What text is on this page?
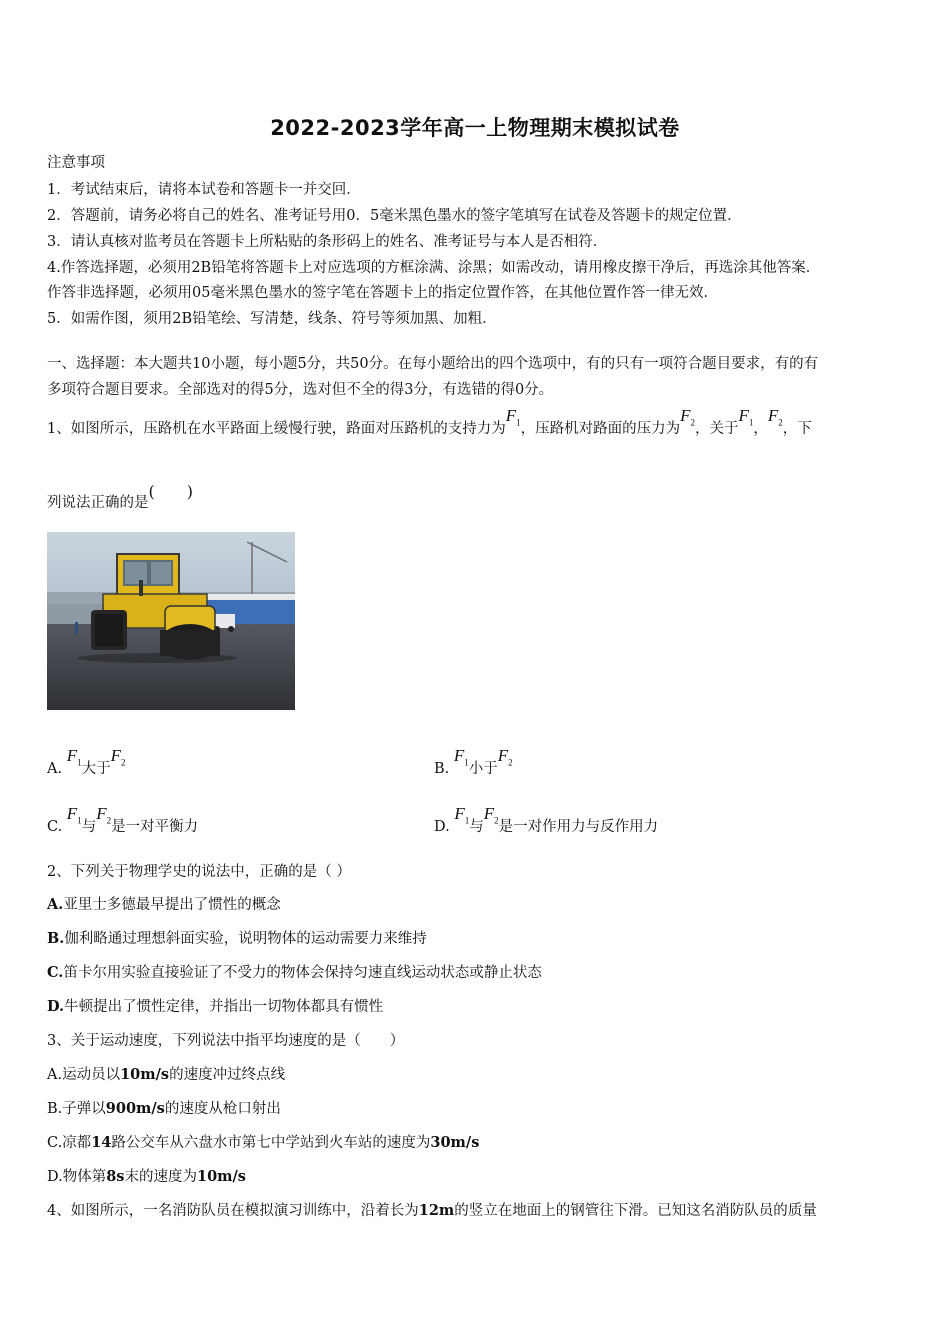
2022-2023学年高一上物理期末模拟试卷
注意事项
1．考试结束后，请将本试卷和答题卡一并交回．
2．答题前，请务必将自己的姓名、准考证号用0．5毫米黑色墨水的签字笔填写在试卷及答题卡的规定位置．
3．请认真核对监考员在答题卡上所粘贴的条形码上的姓名、准考证号与本人是否相符．
4.作答选择题，必须用2B铅笔将答题卡上对应选项的方框涂满、涂黑；如需改动，请用橡皮擦干净后，再选涂其他答案．
作答非选择题，必须用05毫米黑色墨水的签字笔在答题卡上的指定位置作答，在其他位置作答一律无效．
5．如需作图，须用2B铅笔绘、写清楚，线条、符号等须加黑、加粗．
一、选择题：本大题共10小题，每小题5分，共50分。在每小题给出的四个选项中，有的只有一项符合题目要求，有的有
多项符合题目要求。全部选对的得5分，选对但不全的得3分，有选错的得0分。
1、如图所示，压路机在水平路面上缓慢行驶，路面对压路机的支持力为$F_1$，压路机对路面的压力为$F_2$，关于$F_1$，$F_2$，下
列说法正确的是(　　)
A. $F_1$大于$F_2$	B. $F_1$小于$F_2$
C. $F_1$与$F_2$是一对平衡力	D. $F_1$与$F_2$是一对作用力与反作用力
2、下列关于物理学史的说法中，正确的是（ ）
A.亚里士多德最早提出了惯性的概念
B.伽利略通过理想斜面实验，说明物体的运动需要力来维持
C.笛卡尔用实验直接验证了不受力的物体会保持匀速直线运动状态或静止状态
D.牛顿提出了惯性定律，并指出一切物体都具有惯性
3、关于运动速度，下列说法中指平均速度的是（　　）
A.运动员以10m/s的速度冲过终点线
B.子弹以900m/s的速度从枪口射出
C.凉都14路公交车从六盘水市第七中学站到火车站的速度为30m/s
D.物体第8s末的速度为10m/s
4、如图所示，一名消防队员在模拟演习训练中，沿着长为12m的竖立在地面上的钢管往下滑。已知这名消防队员的质量
